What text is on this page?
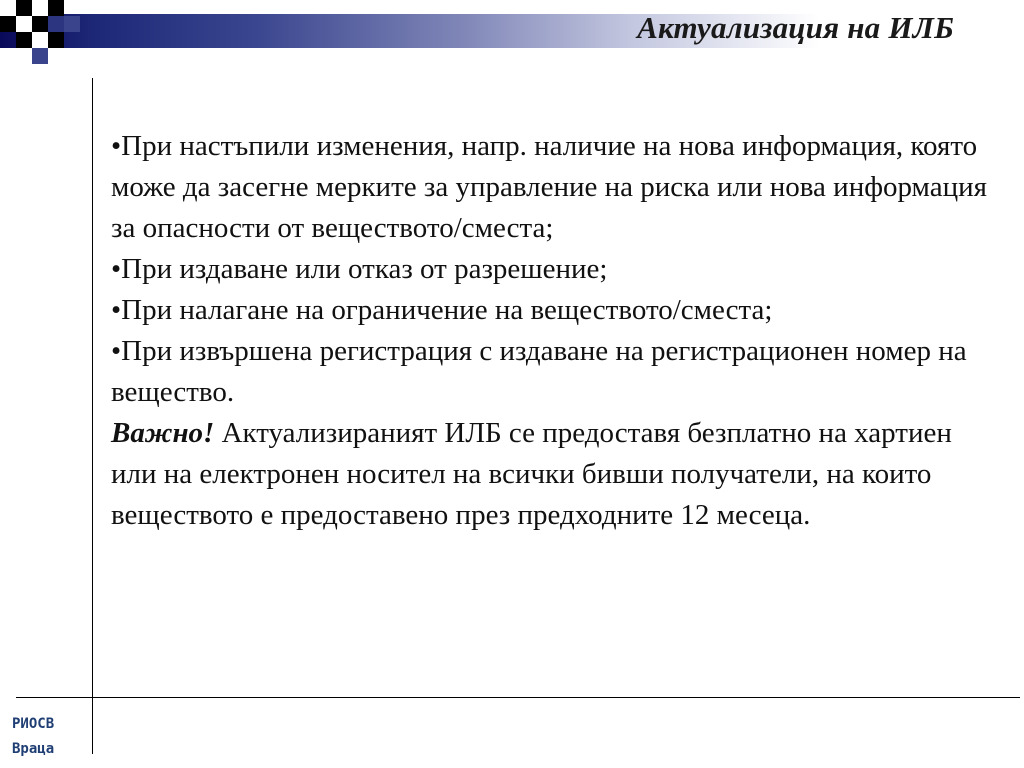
Актуализация на ИЛБ

•При настъпили изменения, напр. наличие на нова информация, която може да засегне мерките за управление на риска или нова информация за опасности от веществото/сместа;

•При издаване или отказ от разрешение;

•При налагане на ограничение на веществото/сместа;

•При извършена регистрация с издаване на регистрационен номер на вещество.

Важно! Актуализираният ИЛБ се предоставя безплатно на хартиен или на електронен носител на всички бивши получатели, на които веществото е предоставено през предходните 12 месеца.

РИОСВ
Враца
